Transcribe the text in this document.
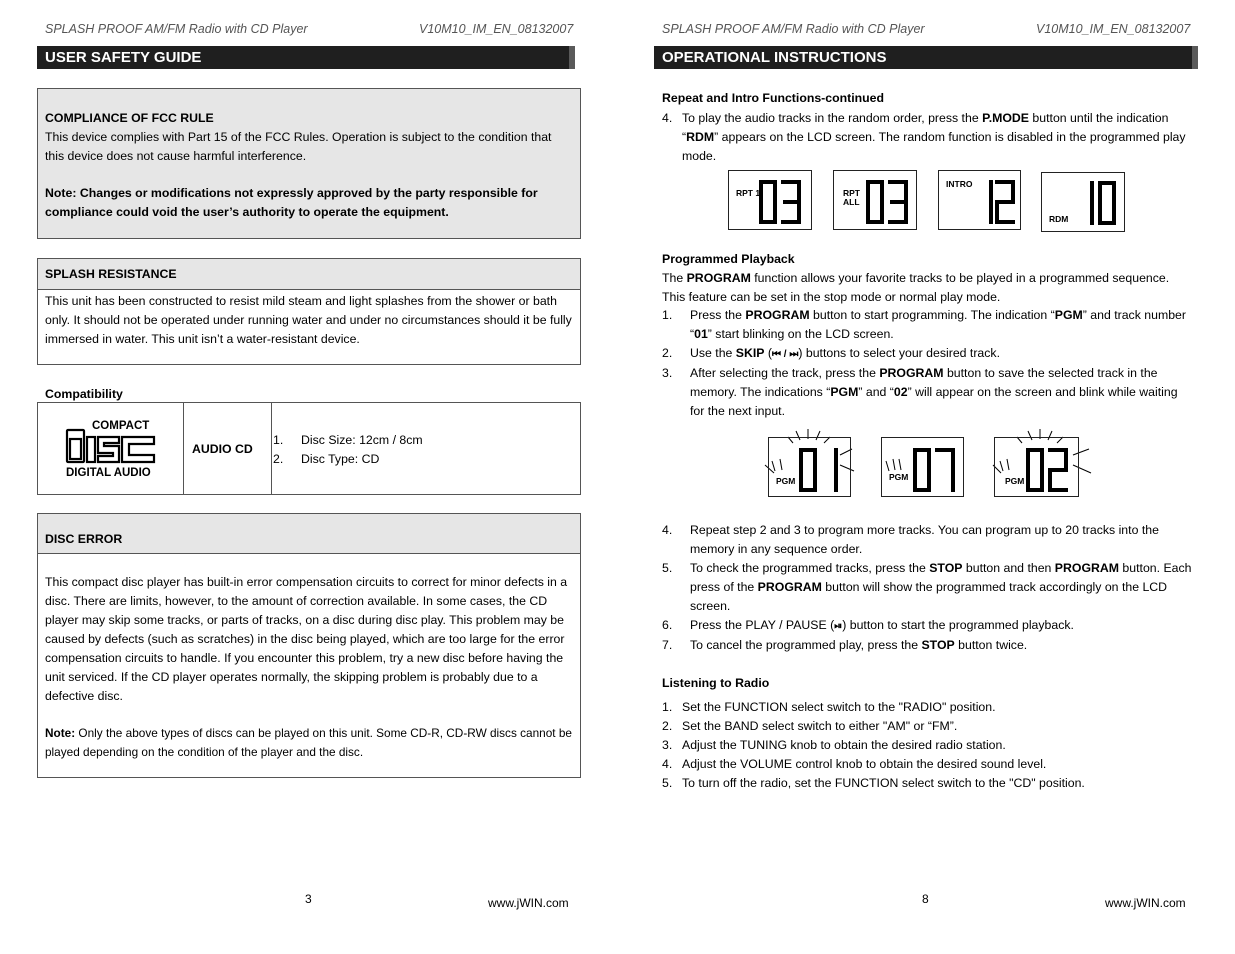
SPLASH PROOF AM/FM Radio with CD Player	V10M10_IM_EN_08132007
USER SAFETY GUIDE
COMPLIANCE OF FCC RULE
This device complies with Part 15 of the FCC Rules. Operation is subject to the condition that this device does not cause harmful interference.
Note: Changes or modifications not expressly approved by the party responsible for compliance could void the user’s authority to operate the equipment.
SPLASH RESISTANCE
This unit has been constructed to resist mild steam and light splashes from the shower or bath only. It should not be operated under running water and under no circumstances should it be fully immersed in water. This unit isn’t a water-resistant device.
Compatibility
COMPACT
DIGITAL AUDIO
AUDIO CD
1. Disc Size: 12cm / 8cm
2. Disc Type: CD
DISC ERROR
This compact disc player has built-in error compensation circuits to correct for minor defects in a disc. There are limits, however, to the amount of correction available. In some cases, the CD player may skip some tracks, or parts of tracks, on a disc during disc play. This problem may be caused by defects (such as scratches) in the disc being played, which are too large for the error compensation circuits to handle. If you encounter this problem, try a new disc before having the unit serviced. If the CD player operates normally, the skipping problem is probably due to a defective disc.
Note: Only the above types of discs can be played on this unit. Some CD-R, CD-RW discs cannot be played depending on the condition of the player and the disc.
3	www.jWIN.com
SPLASH PROOF AM/FM Radio with CD Player	V10M10_IM_EN_08132007
OPERATIONAL INSTRUCTIONS
Repeat and Intro Functions-continued
4. To play the audio tracks in the random order, press the P.MODE button until the indication “RDM” appears on the LCD screen. The random function is disabled in the programmed play mode.
RPT 1	RPT
ALL
INTRO
RDM
Programmed Playback
The PROGRAM function allows your favorite tracks to be played in a programmed sequence. This feature can be set in the stop mode or normal play mode.
1. Press the PROGRAM button to start programming. The indication “PGM” and track number “01” start blinking on the LCD screen.
2. Use the SKIP (⏮ / ⏭) buttons to select your desired track.
3. After selecting the track, press the PROGRAM button to save the selected track in the memory. The indications “PGM” and “02” will appear on the screen and blink while waiting for the next input.
PGM	PGM	PGM
4. Repeat step 2 and 3 to program more tracks. You can program up to 20 tracks into the memory in any sequence order.
5. To check the programmed tracks, press the STOP button and then PROGRAM button. Each press of the PROGRAM button will show the programmed track accordingly on the LCD screen.
6. Press the PLAY / PAUSE (⏯) button to start the programmed playback.
7. To cancel the programmed play, press the STOP button twice.
Listening to Radio
1. Set the FUNCTION select switch to the "RADIO" position.
2. Set the BAND select switch to either "AM" or “FM”.
3. Adjust the TUNING knob to obtain the desired radio station.
4. Adjust the VOLUME control knob to obtain the desired sound level.
5. To turn off the radio, set the FUNCTION select switch to the "CD" position.
8	www.jWIN.com
